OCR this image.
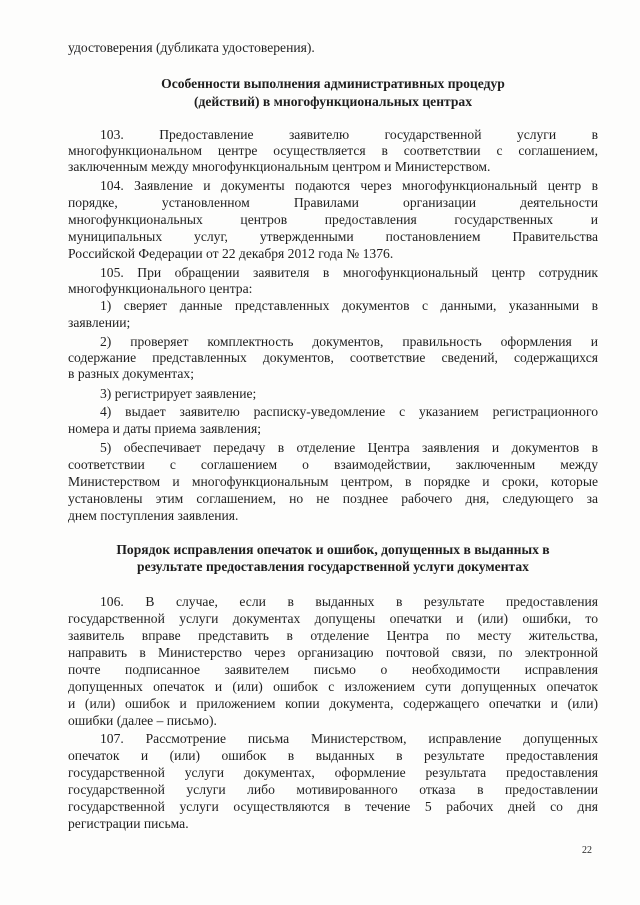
удостоверения (дубликата удостоверения).
Особенности выполнения административных процедур
(действий) в многофункциональных центрах
103. Предоставление заявителю государственной услуги в
многофункциональном центре осуществляется в соответствии с соглашением,
заключенным между многофункциональным центром и Министерством.
104. Заявление и документы подаются через многофункциональный центр в
порядке, установленном Правилами организации деятельности
многофункциональных центров предоставления государственных и
муниципальных услуг, утвержденными постановлением Правительства
Российской Федерации от 22 декабря 2012 года № 1376.
105. При обращении заявителя в многофункциональный центр сотрудник
многофункционального центра:
1) сверяет данные представленных документов с данными, указанными в
заявлении;
2) проверяет комплектность документов, правильность оформления и
содержание представленных документов, соответствие сведений, содержащихся
в разных документах;
3) регистрирует заявление;
4) выдает заявителю расписку-уведомление с указанием регистрационного
номера и даты приема заявления;
5) обеспечивает передачу в отделение Центра заявления и документов в
соответствии с соглашением о взаимодействии, заключенным между
Министерством и многофункциональным центром, в порядке и сроки, которые
установлены этим соглашением, но не позднее рабочего дня, следующего за
днем поступления заявления.
Порядок исправления опечаток и ошибок, допущенных в выданных в
результате предоставления государственной услуги документах
106. В случае, если в выданных в результате предоставления
государственной услуги документах допущены опечатки и (или) ошибки, то
заявитель вправе представить в отделение Центра по месту жительства,
направить в Министерство через организацию почтовой связи, по электронной
почте подписанное заявителем письмо о необходимости исправления
допущенных опечаток и (или) ошибок с изложением сути допущенных опечаток
и (или) ошибок и приложением копии документа, содержащего опечатки и (или)
ошибки (далее – письмо).
107. Рассмотрение письма Министерством, исправление допущенных
опечаток и (или) ошибок в выданных в результате предоставления
государственной услуги документах, оформление результата предоставления
государственной услуги либо мотивированного отказа в предоставлении
государственной услуги осуществляются в течение 5 рабочих дней со дня
регистрации письма.
22
